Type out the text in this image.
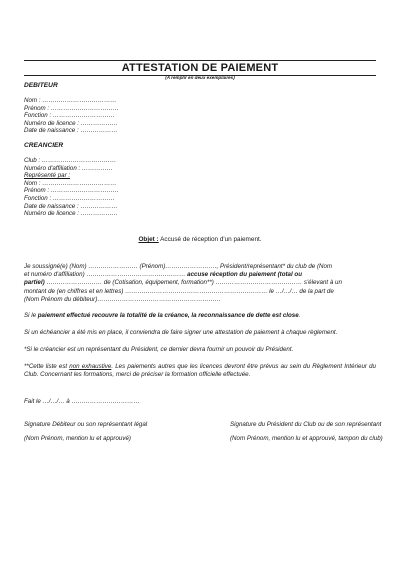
ATTESTATION DE PAIEMENT
(A remplir en deux exemplaires)
DEBITEUR
Nom : ………………………………
Prénom : ……………………………
Fonction : …………………………
Numéro de licence : ………………
Date de naissance : ………………
CREANCIER
Club : ………………………………
Numéro d'affiliation : ……………
Représenté par :
Nom : ………………………………
Prénom : ……………………………
Fonction : …………………………
Date de naissance : ………………
Numéro de licence : ………………
Objet : Accusé de réception d'un paiement.
Je soussigné(e) (Nom) …………………… (Prénom)……………………., Président/représentant* du club de (Nom
et numéro d'affiliation) ………………………………………… accuse réception du paiement (total ou
partiel) ……………………… de (Cotisation, équipement, formation**) …………………………………… s'élevant à un
montant de (en chiffres et en lettres) …………………………………………………………… le …/…/… de la part de
(Nom Prénom du débiteur)……………………………………………………
Si le paiement effectué recouvre la totalité de la créance, la reconnaissance de dette est close.
Si un échéancier a été mis en place, il conviendra de faire signer une attestation de paiement à chaque règlement.
*Si le créancier est un représentant du Président, ce dernier devra fournir un pouvoir du Président.
**Cette liste est non exhaustive. Les paiements autres que les licences devront être prévus au sein du Règlement Intérieur du Club. Concernant les formations, merci de préciser la formation officielle effectuée.
Fait le …/…/… à ……………………………
Signature Débiteur ou son représentant légal
(Nom Prénom, mention lu et approuvé)
Signature du Président du Club ou de son représentant
(Nom Prénom, mention lu et approuvé, tampon du club)
